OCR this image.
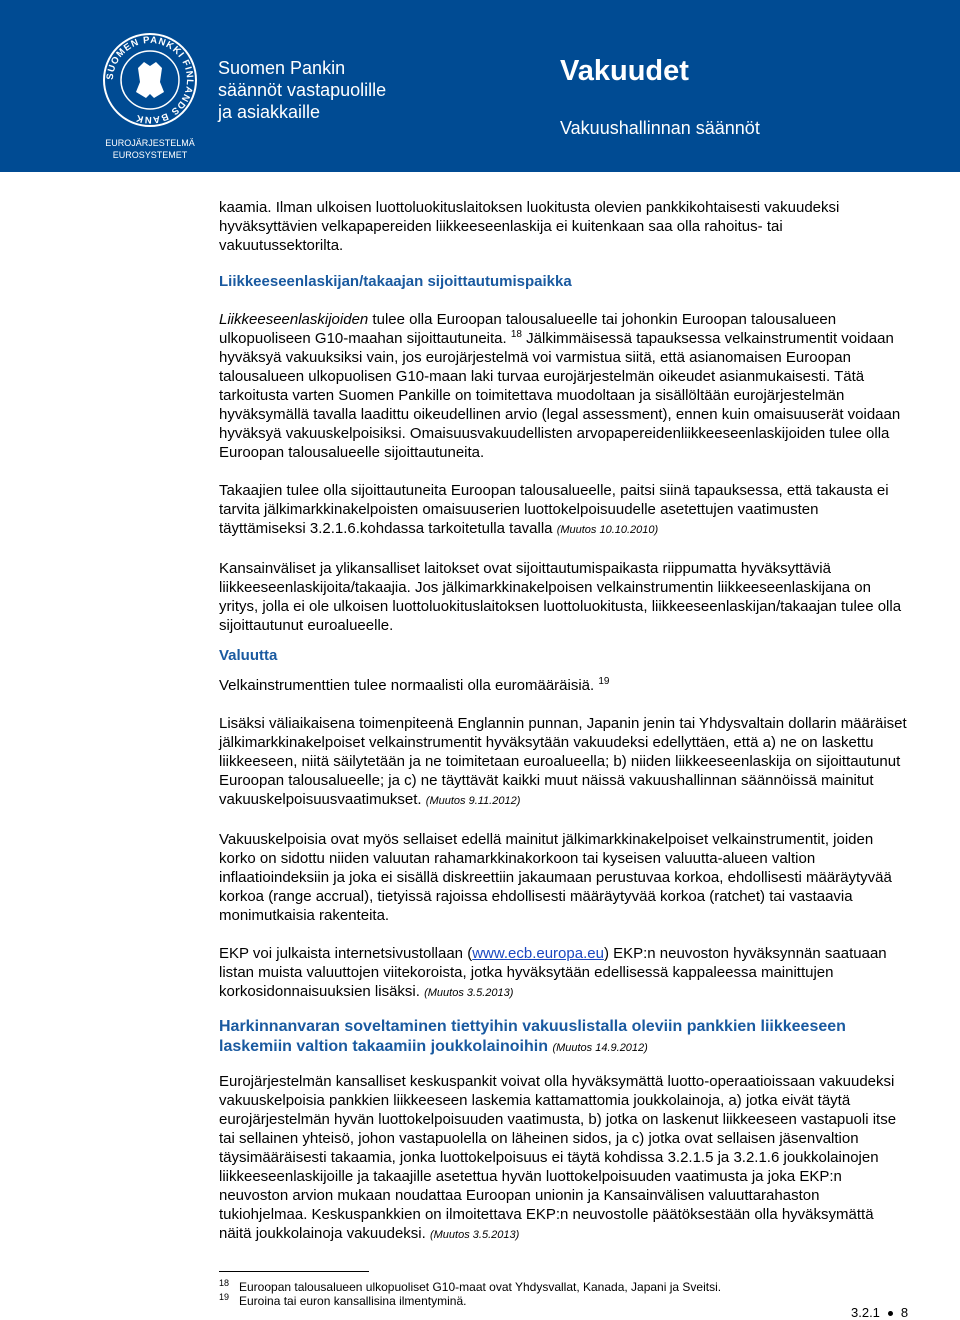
SUOMEN PANKKI FINLANDS BANK
EUROJÄRJESTELMÄ
EUROSYSTEMET
Suomen Pankin
säännöt vastapuolille
ja asiakkaille
Vakuudet
Vakuushallinnan säännöt

kaamia. Ilman ulkoisen luottoluokituslaitoksen luokitusta olevien pankkikohtaisesti vakuudeksi hyväksyttävien velkapapereiden liikkeeseenlaskija ei kuitenkaan saa olla rahoitus- tai vakuutussektorilta.

Liikkeeseenlaskijan/takaajan sijoittautumispaikka

Liikkeeseenlaskijoiden tulee olla Euroopan talousalueelle tai johonkin Euroopan talousalueen ulkopuoliseen G10-maahan sijoittautuneita. $^{18}$ Jälkimmäisessä tapauksessa velkainstrumentit voidaan hyväksyä vakuuksiksi vain, jos eurojärjestelmä voi varmistua siitä, että asianomaisen Euroopan talousalueen ulkopuolisen G10-maan laki turvaa eurojärjestelmän oikeudet asianmukaisesti. Tätä tarkoitusta varten Suomen Pankille on toimitettava muodoltaan ja sisällöltään eurojärjestelmän hyväksymällä tavalla laadittu oikeudellinen arvio (legal assessment), ennen kuin omaisuuserät voidaan hyväksyä vakuuskelpoisiksi. Omaisuusvakuudellisten arvopapereidenliikkeeseenlaskijoiden tulee olla Euroopan talousalueelle sijoittautuneita.

Takaajien tulee olla sijoittautuneita Euroopan talousalueelle, paitsi siinä tapauksessa, että takausta ei tarvita jälkimarkkinakelpoisten omaisuuserien luottokelpoisuudelle asetettujen vaatimusten täyttämiseksi 3.2.1.6.kohdassa tarkoitetulla tavalla (Muutos 10.10.2010)

Kansainväliset ja ylikansalliset laitokset ovat sijoittautumispaikasta riippumatta hyväksyttäviä liikkeeseenlaskijoita/takaajia. Jos jälkimarkkinakelpoisen velkainstrumentin liikkeeseenlaskijana on yritys, jolla ei ole ulkoisen luottoluokituslaitoksen luottoluokitusta, liikkeeseenlaskijan/takaajan tulee olla sijoittautunut euroalueelle.

Valuutta

Velkainstrumenttien tulee normaalisti olla euromääräisiä. $^{19}$

Lisäksi väliaikaisena toimenpiteenä Englannin punnan, Japanin jenin tai Yhdysvaltain dollarin määräiset jälkimarkkinakelpoiset velkainstrumentit hyväksytään vakuudeksi edellyttäen, että a) ne on laskettu liikkeeseen, niitä säilytetään ja ne toimitetaan euroalueella; b) niiden liikkeeseenlaskija on sijoittautunut Euroopan talousalueelle; ja c) ne täyttävät kaikki muut näissä vakuushallinnan säännöissä mainitut vakuuskelpoisuusvaatimukset. (Muutos 9.11.2012)

Vakuuskelpoisia ovat myös sellaiset edellä mainitut jälkimarkkinakelpoiset velkainstrumentit, joiden korko on sidottu niiden valuutan rahamarkkinakorkoon tai kyseisen valuutta-alueen valtion inflaatioindeksiin ja joka ei sisällä diskreettiin jakaumaan perustuvaa korkoa, ehdollisesti määräytyvää korkoa (range accrual), tietyissä rajoissa ehdollisesti määräytyvää korkoa (ratchet) tai vastaavia monimutkaisia rakenteita.

EKP voi julkaista internetsivustollaan (www.ecb.europa.eu) EKP:n neuvoston hyväksynnän saatuaan listan muista valuuttojen viitekoroista, jotka hyväksytään edellisessä kappaleessa mainittujen korkosidonnaisuuksien lisäksi. (Muutos 3.5.2013)

Harkinnanvaran soveltaminen tiettyihin vakuuslistalla oleviin pankkien liikkeeseen laskemiin valtion takaamiin joukkolainoihin (Muutos 14.9.2012)

Eurojärjestelmän kansalliset keskuspankit voivat olla hyväksymättä luotto-operaatioissaan vakuudeksi vakuuskelpoisia pankkien liikkeeseen laskemia kattamattomia joukkolainoja, a) jotka eivät täytä eurojärjestelmän hyvän luottokelpoisuuden vaatimusta, b) jotka on laskenut liikkeeseen vastapuoli itse tai sellainen yhteisö, johon vastapuolella on läheinen sidos, ja c) jotka ovat sellaisen jäsenvaltion täysimääräisesti takaamia, jonka luottokelpoisuus ei täytä kohdissa 3.2.1.5 ja 3.2.1.6 joukkolainojen liikkeeseenlaskijoille ja takaajille asetettua hyvän luottokelpoisuuden vaatimusta ja joka EKP:n neuvoston arvion mukaan noudattaa Euroopan unionin ja Kansainvälisen valuuttarahaston tukiohjelmaa. Keskuspankkien on ilmoitettava EKP:n neuvostolle päätöksestään olla hyväksymättä näitä joukkolainoja vakuudeksi. (Muutos 3.5.2013)

18 Euroopan talousalueen ulkopuoliset G10-maat ovat Yhdysvallat, Kanada, Japani ja Sveitsi.
19 Euroina tai euron kansallisina ilmentyminä.
3.2.1 8
